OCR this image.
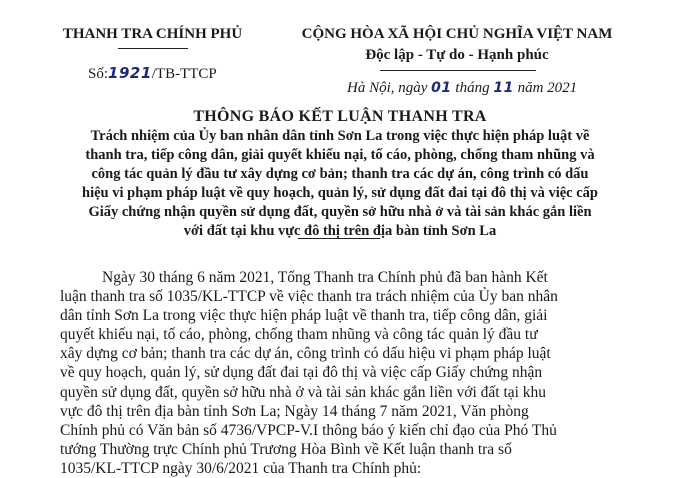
THANH TRA CHÍNH PHỦ	CỘNG HÒA XÃ HỘI CHỦ NGHĨA VIỆT NAM
Độc lập - Tự do - Hạnh phúc
Số:1921/TB-TTCP
Hà Nội, ngày 01 tháng 11 năm 2021
THÔNG BÁO KẾT LUẬN THANH TRA
Trách nhiệm của Ủy ban nhân dân tỉnh Sơn La trong việc thực hiện pháp luật về
thanh tra, tiếp công dân, giải quyết khiếu nại, tố cáo, phòng, chống tham nhũng và
công tác quản lý đầu tư xây dựng cơ bản; thanh tra các dự án, công trình có dấu
hiệu vi phạm pháp luật về quy hoạch, quản lý, sử dụng đất đai tại đô thị và việc cấp
Giấy chứng nhận quyền sử dụng đất, quyền sở hữu nhà ở và tài sản khác gắn liền
với đất tại khu vực đô thị trên địa bàn tỉnh Sơn La
Ngày 30 tháng 6 năm 2021, Tổng Thanh tra Chính phủ đã ban hành Kết
luận thanh tra số 1035/KL-TTCP về việc thanh tra trách nhiệm của Ủy ban nhân
dân tỉnh Sơn La trong việc thực hiện pháp luật về thanh tra, tiếp công dân, giải
quyết khiếu nại, tố cáo, phòng, chống tham nhũng và công tác quản lý đầu tư
xây dựng cơ bản; thanh tra các dự án, công trình có dấu hiệu vi phạm pháp luật
về quy hoạch, quản lý, sử dụng đất đai tại đô thị và việc cấp Giấy chứng nhận
quyền sử dụng đất, quyền sở hữu nhà ở và tài sản khác gắn liền với đất tại khu
vực đô thị trên địa bàn tỉnh Sơn La; Ngày 14 tháng 7 năm 2021, Văn phòng
Chính phủ có Văn bản số 4736/VPCP-V.I thông báo ý kiến chỉ đạo của Phó Thủ
tướng Thường trực Chính phủ Trương Hòa Bình về Kết luận thanh tra số
1035/KL-TTCP ngày 30/6/2021 của Thanh tra Chính phủ:
